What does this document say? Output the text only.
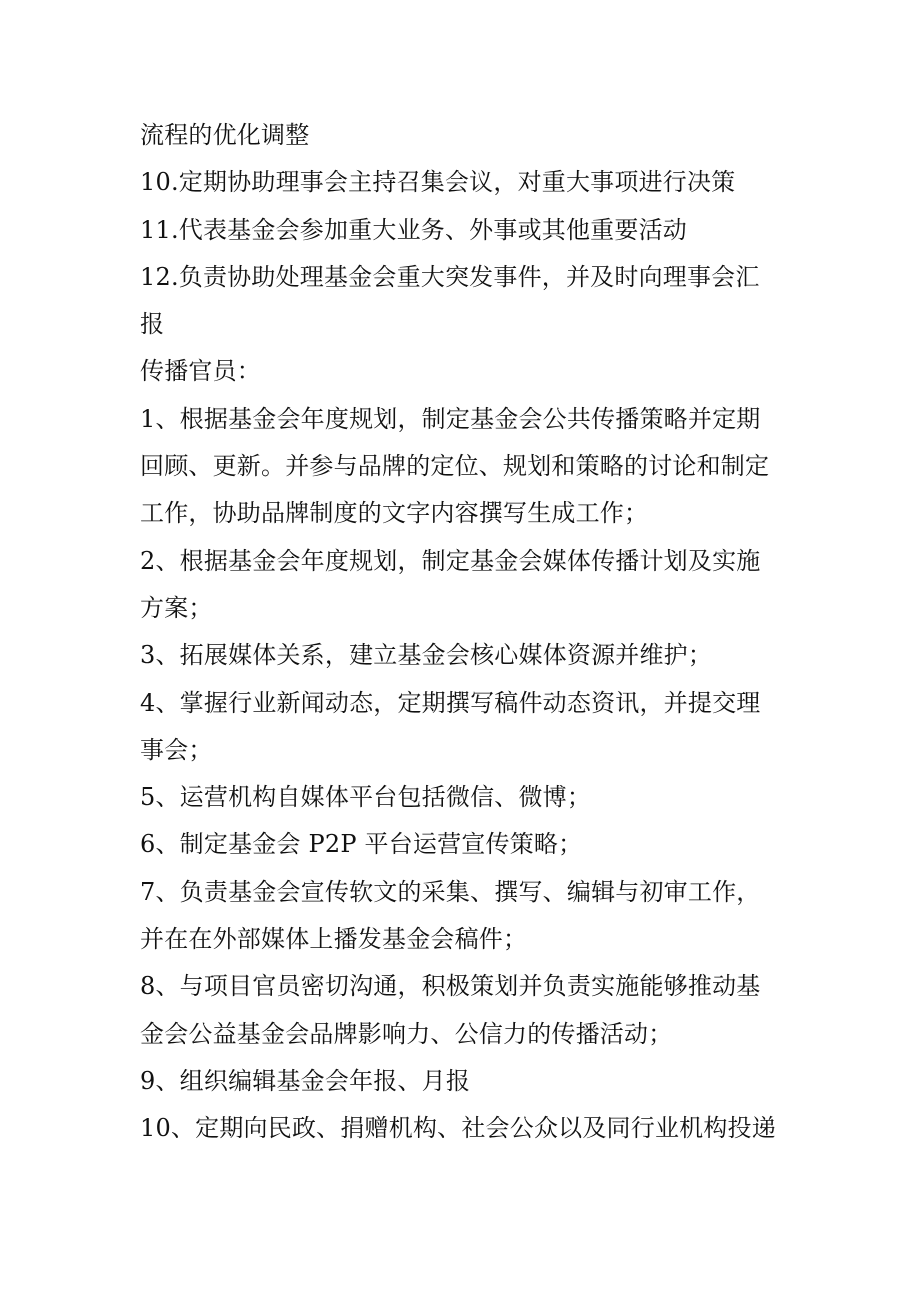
流程的优化调整
10.定期协助理事会主持召集会议，对重大事项进行决策
11.代表基金会参加重大业务、外事或其他重要活动
12.负责协助处理基金会重大突发事件，并及时向理事会汇
报
传播官员：
1、根据基金会年度规划，制定基金会公共传播策略并定期
回顾、更新。并参与品牌的定位、规划和策略的讨论和制定
工作，协助品牌制度的文字内容撰写生成工作；
2、根据基金会年度规划，制定基金会媒体传播计划及实施
方案；
3、拓展媒体关系，建立基金会核心媒体资源并维护；
4、掌握行业新闻动态，定期撰写稿件动态资讯，并提交理
事会；
5、运营机构自媒体平台包括微信、微博；
6、制定基金会 P2P 平台运营宣传策略；
7、负责基金会宣传软文的采集、撰写、编辑与初审工作，
并在在外部媒体上播发基金会稿件；
8、与项目官员密切沟通，积极策划并负责实施能够推动基
金会公益基金会品牌影响力、公信力的传播活动；
9、组织编辑基金会年报、月报
10、定期向民政、捐赠机构、社会公众以及同行业机构投递
